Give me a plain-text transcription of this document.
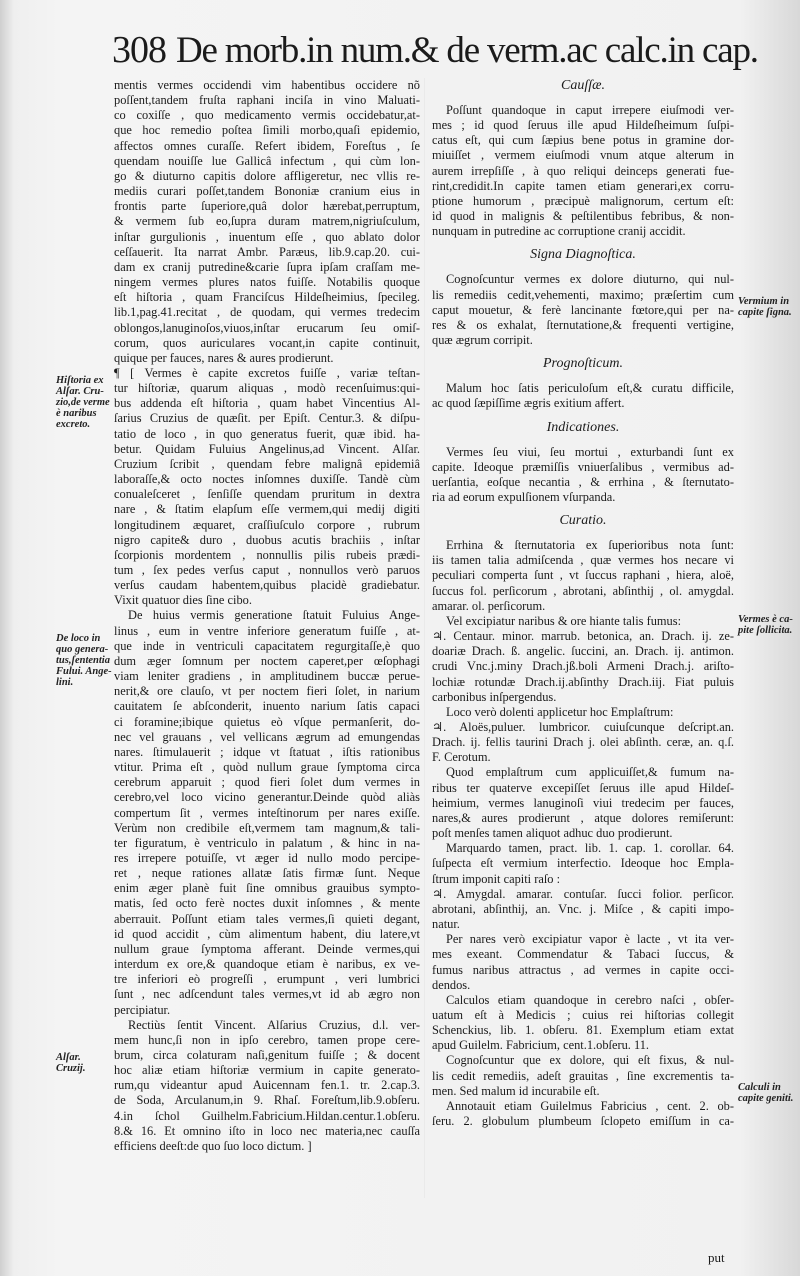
308 De morb.in num.& de verm.ac calc.in cap.
mentis vermes occidendi vim habentibus occidere nõ
poſſent,tandem fruſta raphani inciſa in vino Maluati-
co coxiſſe , quo medicamento vermis occidebatur,at-
que hoc remedio poſtea ſimili morbo,quaſi epidemio,
affectos omnes curaſſe. Refert ibidem, Foreſtus , ſe
quendam nouiſſe lue Gallicâ infectum , qui cùm lon-
go & diuturno capitis dolore affligeretur, nec vllis re-
mediis curari poſſet,tandem Bononiæ cranium eius in
frontis parte ſuperiore,quâ dolor hærebat,perruptum,
& vermem ſub eo,ſupra duram matrem,nigriuſculum,
inſtar gurgulionis , inuentum eſſe , quo ablato dolor
ceſſauerit. Ita narrat Ambr. Paræus, lib.9.cap.20. cui-
dam ex cranij putredine&carie ſupra ipſam craſſam me-
ningem vermes plures natos fuiſſe. Notabilis quoque
eſt hiſtoria , quam Franciſcus Hildeſheimius, ſpecileg.
lib.1,pag.41.recitat , de quodam, qui vermes tredecim
oblongos,lanuginoſos,viuos,inſtar erucarum ſeu omiſ-
corum, quos auriculares vocant,in capite continuit,
quique per fauces, nares & aures prodierunt.
¶ [ Vermes è capite excretos fuiſſe , variæ teſtan-
tur hiſtoriæ, quarum aliquas , modò recenſuimus:qui-
bus addenda eſt hiſtoria , quam habet Vincentius Al-
ſarius Cruzius de quæſit. per Epiſt. Centur.3. & diſpu-
tatio de loco , in quo generatus fuerit, quæ ibid. ha-
betur. Quidam Fuluius Angelinus,ad Vincent. Alſar.
Cruzium ſcribit , quendam febre malignâ epidemiâ
laboraſſe,& octo noctes inſomnes duxiſſe. Tandè cùm
conualeſceret , ſenſiſſe quendam pruritum in dextra
nare , & ſtatim elapſum eſſe vermem,qui medij digiti
longitudinem æquaret, craſſiuſculo corpore , rubrum
nigro capite& duro , duobus acutis brachiis , inſtar
ſcorpionis mordentem , nonnullis pilis rubeis prædi-
tum , ſex pedes verſus caput , nonnullos verò paruos
verſus caudam habentem,quibus placidè gradiebatur.
Vixit quatuor dies ſine cibo.
De huius vermis generatione ſtatuit Fuluius Ange-
linus , eum in ventre inferiore generatum fuiſſe , at-
que inde in ventriculi capacitatem regurgitaſſe,è quo
dum æger ſomnum per noctem caperet,per œſophagi
viam leniter gradiens , in amplitudinem buccæ perue-
nerit,& ore clauſo, vt per noctem fieri ſolet, in narium
cauitatem ſe abſconderit, inuento narium ſatis capaci
ci foramine;ibique quietus eò vſque permanſerit, do-
nec vel grauans , vel vellicans ægrum ad emungendas
nares. ſtimulauerit ; idque vt ſtatuat , iſtis rationibus
vtitur. Prima eſt , quòd nullum graue ſymptoma circa
cerebrum apparuit ; quod fieri ſolet dum vermes in
cerebro,vel loco vicino generantur.Deinde quòd aliàs
compertum ſit , vermes inteſtinorum per nares exiſſe.
Verùm non credibile eſt,vermem tam magnum,& tali-
ter figuratum, è ventriculo in palatum , & hinc in na-
res irrepere potuiſſe, vt æger id nullo modo percipe-
ret , neque rationes allatæ ſatis firmæ ſunt. Neque
enim æger planè fuit ſine omnibus grauibus sympto-
matis, ſed octo ferè noctes duxit inſomnes , & mente
aberrauit. Poſſunt etiam tales vermes,ſi quieti degant,
id quod accidit , cùm alimentum habent, diu latere,vt
nullum graue ſymptoma afferant. Deinde vermes,qui
interdum ex ore,& quandoque etiam è naribus, ex ve-
tre inferiori eò progreſſi , erumpunt , veri lumbrici
ſunt , nec adſcendunt tales vermes,vt id ab ægro non
percipiatur.
Rectiùs ſentit Vincent. Alſarius Cruzius, d.l. ver-
mem hunc,ſi non in ipſo cerebro, tamen prope cere-
brum, circa colaturam naſi,genitum fuiſſe ; & docent
hoc aliæ etiam hiſtoriæ vermium in capite generato-
rum,qu videantur apud Auicennam fen.1. tr. 2.cap.3.
de Soda, Arculanum,in 9. Rhaſ. Foreſtum,lib.9.obſeru.
4.in ſchol Guilhelm.Fabricium.Hildan.centur.1.obſeru.
8.& 16. Et omnino iſto in loco nec materia,nec cauſſa
efficiens deeſt:de quo ſuo loco dictum. ]
Cauſſæ.
Poſſunt quandoque in caput irrepere eiuſmodi ver-
mes ; id quod ſeruus ille apud Hildeſheimum ſuſpi-
catus eſt, qui cum ſæpius bene potus in gramine dor-
miuiſſet , vermem eiuſmodi vnum atque alterum in
aurem irrepſiſſe , à quo reliqui deinceps generati fue-
rint,credidit.In capite tamen etiam generari,ex corru-
ptione humorum , præcipuè malignorum, certum eſt:
id quod in malignis & peſtilentibus febribus, & non-
nunquam in putredine ac corruptione cranij accidit.
Signa Diagnoſtica.
Cognoſcuntur vermes ex dolore diuturno, qui nul-
lis remediis cedit,vehementi, maximo; præſertim cum
caput mouetur, & ferè lancinante fœtore,qui per na-
res & os exhalat, ſternutatione,& frequenti vertigine,
quæ ægrum corripit.
Prognoſticum.
Malum hoc ſatis periculoſum eſt,& curatu difficile,
ac quod ſæpiſſime ægris exitium affert.
Indicationes.
Vermes ſeu viui, ſeu mortui , exturbandi ſunt ex
capite. Ideoque præmiſſis vniuerſalibus , vermibus ad-
uerſantia, eoſque necantia , & errhina , & ſternutato-
ria ad eorum expulſionem vſurpanda.
Curatio.
Errhina & ſternutatoria ex ſuperioribus nota ſunt:
iis tamen talia admiſcenda , quæ vermes hos necare vi
peculiari comperta ſunt , vt ſuccus raphani , hiera, aloë,
ſuccus fol. perſicorum , abrotani, abſinthij , ol. amygdal.
amarar. ol. perſicorum.
Vel excipiatur naribus & ore hiante talis fumus:
♃. Centaur. minor. marrub. betonica, an. Drach. ij. ze-
doariæ Drach. ß. angelic. ſuccini, an. Drach. ij. antimon.
crudi Vnc.j.miny Drach.jß.boli Armeni Drach.j. ariſto-
lochiæ rotundæ Drach.ij.abſinthy Drach.iij. Fiat puluis
carbonibus inſpergendus.
Loco verò dolenti applicetur hoc Emplaſtrum:
♃. Aloës,puluer. lumbricor. cuiuſcunque deſcript.an.
Drach. ij. fellis taurini Drach j. olei abſinth. ceræ, an. q.ſ.
F. Cerotum.
Quod emplaſtrum cum applicuiſſet,& fumum na-
ribus ter quaterve excepiſſet ſeruus ille apud Hildeſ-
heimium, vermes lanuginoſi viui tredecim per fauces,
nares,& aures prodierunt , atque dolores remiſerunt:
poſt menſes tamen aliquot adhuc duo prodierunt.
Marquardo tamen, pract. lib. 1. cap. 1. corollar. 64.
ſuſpecta eſt vermium interfectio. Ideoque hoc Empla-
ſtrum imponit capiti raſo :
♃. Amygdal. amarar. contuſar. ſucci folior. perſicor.
abrotani, abſinthij, an. Vnc. j. Miſce , & capiti impo-
natur.
Per nares verò excipiatur vapor è lacte , vt ita ver-
mes exeant. Commendatur & Tabaci ſuccus, &
fumus naribus attractus , ad vermes in capite occi-
dendos.
Calculos etiam quandoque in cerebro naſci , obſer-
uatum eſt à Medicis ; cuius rei hiſtorias collegit
Schenckius, lib. 1. obſeru. 81. Exemplum etiam extat
apud Guilelm. Fabricium, cent.1.obſeru. 11.
Cognoſcuntur que ex dolore, qui eſt fixus, & nul-
lis cedit remediis, adeſt grauitas , ſine excrementis ta-
men. Sed malum id incurabile eſt.
Annotauit etiam Guilelmus Fabricius , cent. 2. ob-
ſeru. 2. globulum plumbeum ſclopeto emiſſum in ca-
Hiſtoria ex
Alſar. Cru-
zio,de verme
è naribus
excreto.
De loco in
quo genera-
tus,ſententia
Fului. Ange-
lini.
Alſar.
Cruzij.
Vermium in
capite ſigna.
Vermes è ca-
pite ſollicita.
Calculi in
capite geniti.
put
